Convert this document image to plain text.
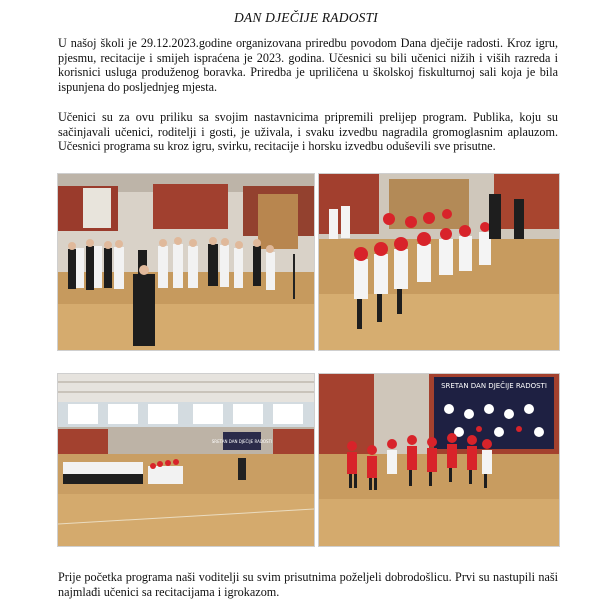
DAN DJEČIJE RADOSTI

U našoj školi je 29.12.2023.godine organizovana priredbu povodom Dana dječije radosti. Kroz igru, pjesmu, recitacije i smijeh ispraćena je 2023. godina. Učesnici su bili učenici nižih i viših razreda i korisnici usluga produženog boravka. Priredba je upriličena u školskoj fiskulturnoj sali koja je bila ispunjena do posljednjeg mjesta.

Učenici su za ovu priliku sa svojim nastavnicima pripremili prelijep program. Publika, koju su sačinjavali učenici, roditelji i gosti, je uživala, i svaku izvedbu nagradila gromoglasnim aplauzom. Učesnici programa su kroz igru, svirku, recitacije i horsku izvedbu oduševili sve prisutne.

SRETAN DAN DJEČIJE RADOSTI
SRETAN DAN DJEČIJE RADOSTI

Prije početka programa naši voditelji su svim prisutnima poželjeli dobrodošlicu. Prvi su nastupili naši najmlađi učenici sa recitacijama i igrokazom.
